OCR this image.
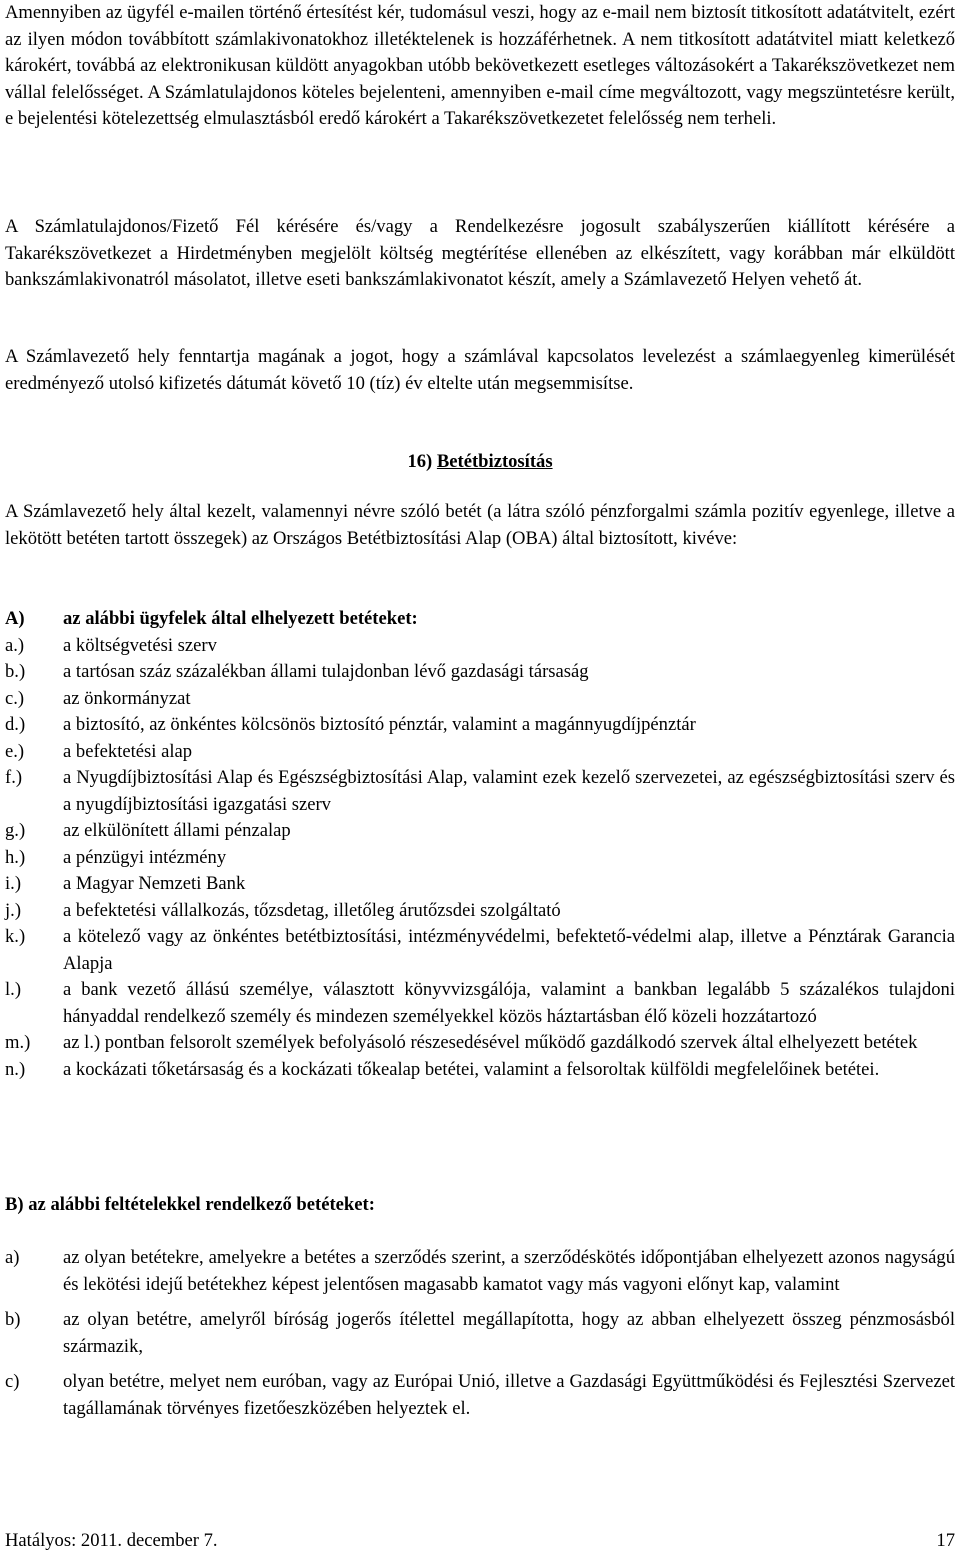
Amennyiben az ügyfél e-mailen történő értesítést kér, tudomásul veszi, hogy az e-mail nem biztosít titkosított adatátvitelt, ezért az ilyen módon továbbított számlakivonatokhoz illetéktelenek is hozzáférhetnek. A nem titkosított adatátvitel miatt keletkező károkért, továbbá az elektronikusan küldött anyagokban utóbb bekövetkezett esetleges változásokért a Takarékszövetkezet nem vállal felelősséget. A Számlatulajdonos köteles bejelenteni, amennyiben e-mail címe megváltozott, vagy megszüntetésre került, e bejelentési kötelezettség elmulasztásból eredő károkért a Takarékszövetkezetet felelősség nem terheli.

A Számlatulajdonos/Fizető Fél kérésére és/vagy a Rendelkezésre jogosult szabályszerűen kiállított kérésére a Takarékszövetkezet a Hirdetményben megjelölt költség megtérítése ellenében az elkészített, vagy korábban már elküldött bankszámlakivonatról másolatot, illetve eseti bankszámlakivonatot készít, amely a Számlavezető Helyen vehető át.

A Számlavezető hely fenntartja magának a jogot, hogy a számlával kapcsolatos levelezést a számlaegyenleg kimerülését eredményező utolsó kifizetés dátumát követő 10 (tíz) év eltelte után megsemmisítse.

16) Betétbiztosítás

A Számlavezető hely által kezelt, valamennyi névre szóló betét (a látra szóló pénzforgalmi számla pozitív egyenlege, illetve a lekötött betéten tartott összegek) az Országos Betétbiztosítási Alap (OBA) által biztosított, kivéve:

A)	az alábbi ügyfelek által elhelyezett betéteket:
a.)	a költségvetési szerv
b.)	a tartósan száz százalékban állami tulajdonban lévő gazdasági társaság
c.)	az önkormányzat
d.)	a biztosító, az önkéntes kölcsönös biztosító pénztár, valamint a magánnyugdíjpénztár
e.)	a befektetési alap
f.)	a Nyugdíjbiztosítási Alap és Egészségbiztosítási Alap, valamint ezek kezelő szervezetei, az egészségbiztosítási szerv és a nyugdíjbiztosítási igazgatási szerv
g.)	az elkülönített állami pénzalap
h.)	a pénzügyi intézmény
i.)	a Magyar Nemzeti Bank
j.)	a befektetési vállalkozás, tőzsdetag, illetőleg árutőzsdei szolgáltató
k.)	a kötelező vagy az önkéntes betétbiztosítási, intézményvédelmi, befektető-védelmi alap, illetve a Pénztárak Garancia Alapja
l.)	a bank vezető állású személye, választott könyvvizsgálója, valamint a bankban legalább 5 százalékos tulajdoni hányaddal rendelkező személy és mindezen személyekkel közös háztartásban élő közeli hozzátartozó
m.)	az l.) pontban felsorolt személyek befolyásoló részesedésével működő gazdálkodó szervek által elhelyezett betétek
n.)	a kockázati tőketársaság és a kockázati tőkealap betétei, valamint a felsoroltak külföldi megfelelőinek betétei.
B) az alábbi feltételekkel rendelkező betéteket:
a)	az olyan betétekre, amelyekre a betétes a szerződés szerint, a szerződéskötés időpontjában elhelyezett azonos nagyságú és lekötési idejű betétekhez képest jelentősen magasabb kamatot vagy más vagyoni előnyt kap, valamint
b)	az olyan betétre, amelyről bíróság jogerős ítélettel megállapította, hogy az abban elhelyezett összeg pénzmosásból származik,
c)	olyan betétre, melyet nem euróban, vagy az Európai Unió, illetve a Gazdasági Együttműködési és Fejlesztési Szervezet tagállamának törvényes fizetőeszközében helyeztek el.
Hatályos: 2011. december 7.	17
